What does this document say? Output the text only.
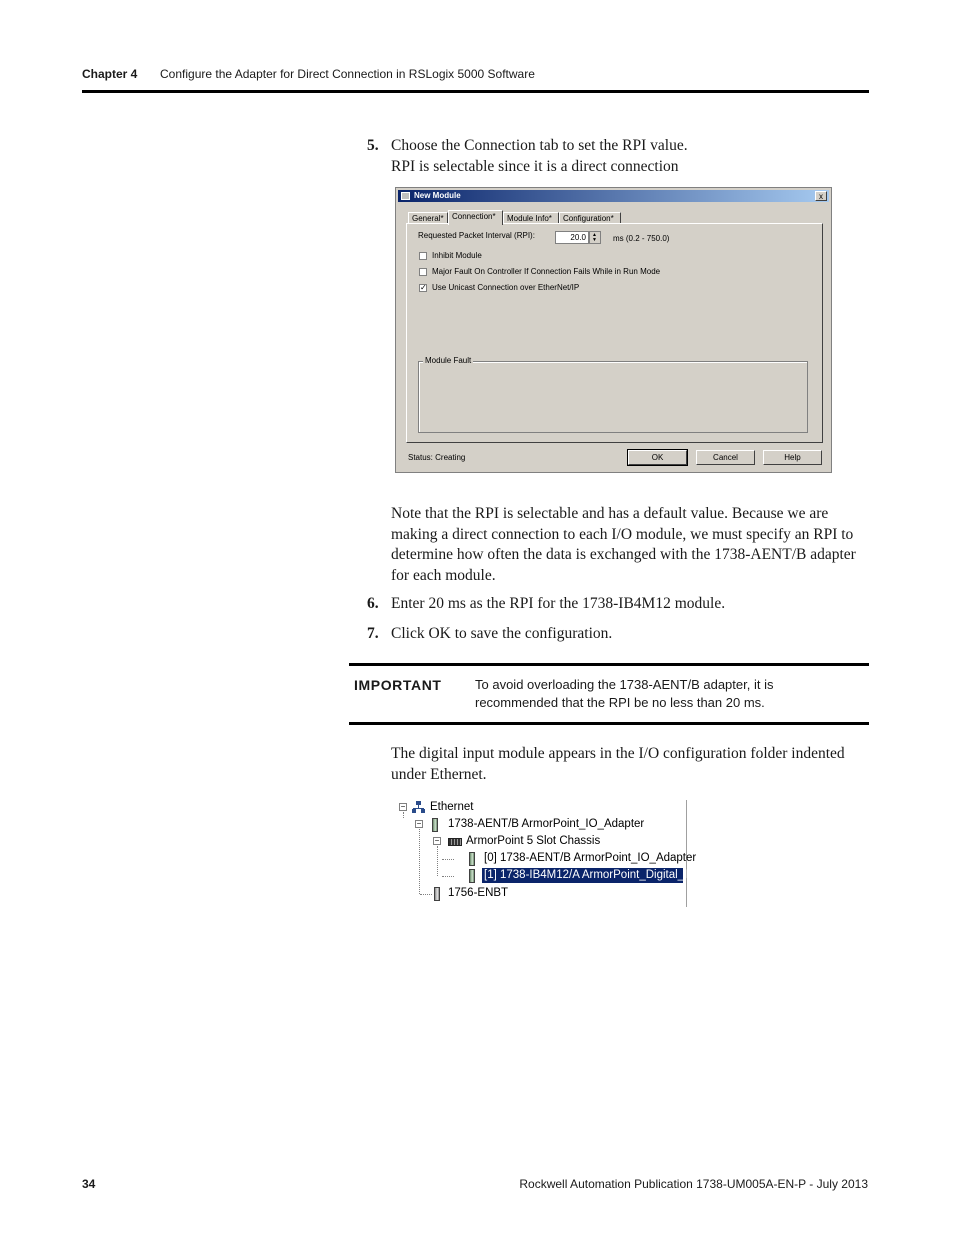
Chapter 4 Configure the Adapter for Direct Connection in RSLogix 5000 Software
5. Choose the Connection tab to set the RPI value.
RPI is selectable since it is a direct connection
New Module	x
General*	Connection*	Module Info*	Configuration*
Requested Packet Interval (RPI):
20.0	▲
▼ ms (0.2 - 750.0)
Inhibit Module
Major Fault On Controller If Connection Fails While in Run Mode
✓ Use Unicast Connection over EtherNet/IP
Module Fault
Status: Creating	OK	Cancel	Help
Note that the RPI is selectable and has a default value. Because we are making a direct connection to each I/O module, we must specify an RPI to determine how often the data is exchanged with the 1738-AENT/B adapter for each module.
6. Enter 20 ms as the RPI for the 1738-IB4M12 module.
7. Click OK to save the configuration.
IMPORTANT	To avoid overloading the 1738-AENT/B adapter, it is recommended that the RPI be no less than 20 ms.
The digital input module appears in the I/O configuration folder indented under Ethernet.
− Ethernet
− 1738-AENT/B ArmorPoint_IO_Adapter
− ArmorPoint 5 Slot Chassis
[0] 1738-AENT/B ArmorPoint_IO_Adapter
[1] 1738-IB4M12/A ArmorPoint_Digital_Input
1756-ENBT
34	Rockwell Automation Publication 1738-UM005A-EN-P - July 2013
